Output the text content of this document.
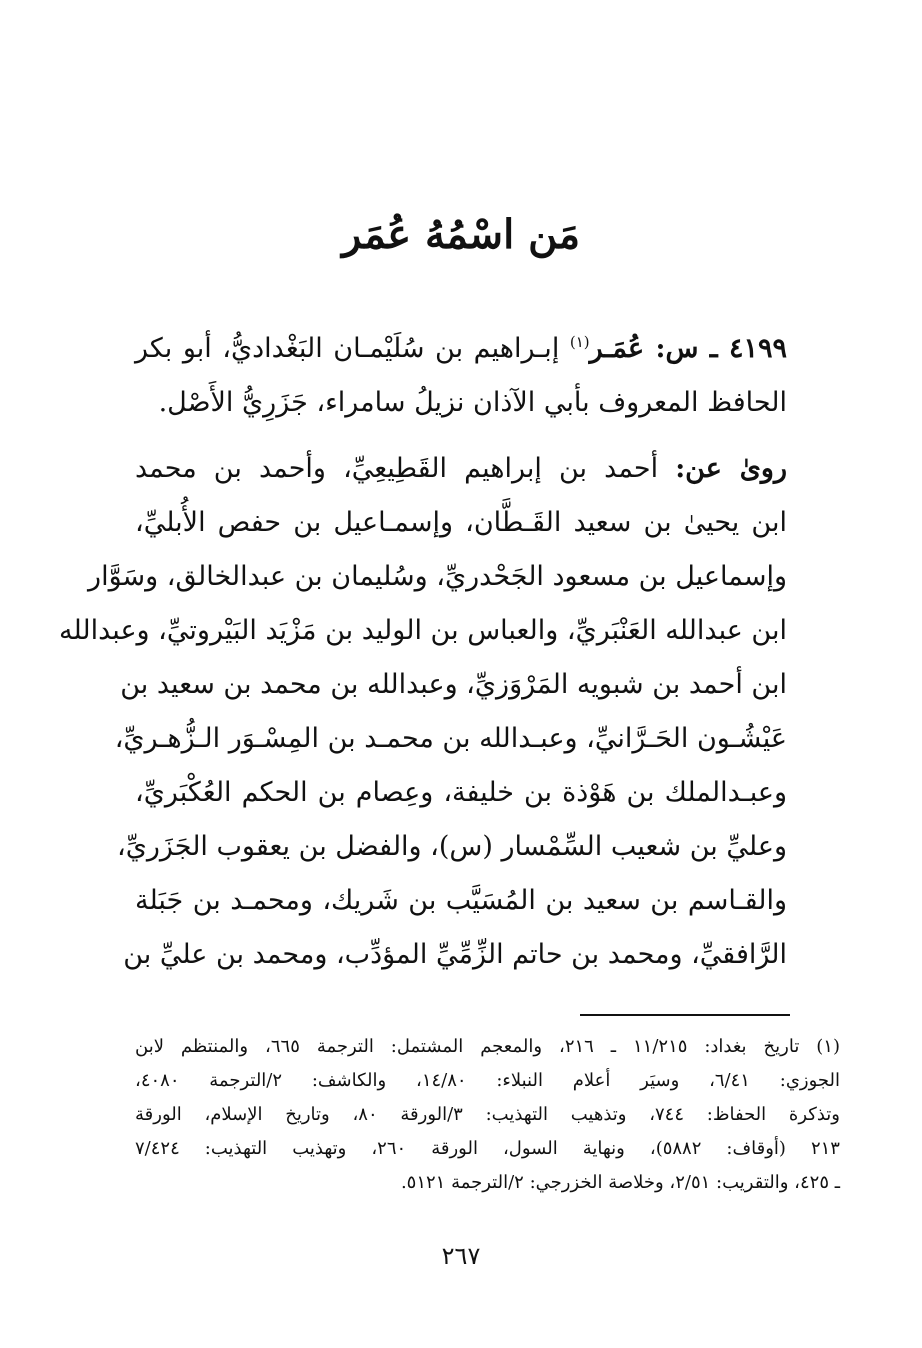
مَن اسْمُهُ عُمَر
٤١٩٩ ـ س: عُمَـر$^{(١)}$ إبـراهيم بن سُلَيْمـان البَغْداديُّ، أبو بكر
الحافظ المعروف بأبي الآذان نزيلُ سامراء، جَزَرِيُّ الأَصْل.
روىٰ عن: أحمد بن إبراهيم القَطِيعِيِّ، وأحمد بن محمد
ابن يحيىٰ بن سعيد القَـطَّان، وإسمـاعيل بن حفص الأُبليِّ،
وإسماعيل بن مسعود الجَحْدريِّ، وسُليمان بن عبدالخالق، وسَوَّار
ابن عبدالله العَنْبَريِّ، والعباس بن الوليد بن مَزْيَد البَيْروتيِّ، وعبدالله
ابن أحمد بن شبويه المَرْوَزيِّ، وعبدالله بن محمد بن سعيد بن
عَيْشُـون الحَـرَّانيِّ، وعبـدالله بن محمـد بن المِسْـوَر الـزُّهـريِّ،
وعبـدالملك بن هَوْذة بن خليفة، وعِصام بن الحكم العُكْبَريِّ،
وعليِّ بن شعيب السِّمْسار (س)، والفضل بن يعقوب الجَزَريِّ،
والقـاسم بن سعيد بن المُسَيَّب بن شَريك، ومحمـد بن جَبَلة
الرَّافقيِّ، ومحمد بن حاتم الزِّمِّيِّ المؤدِّب، ومحمد بن عليِّ بن
(١) تاريخ بغداد: ١١/٢١٥ ـ ٢١٦، والمعجم المشتمل: الترجمة ٦٦٥، والمنتظم لابن
الجوزي: ٦/٤١، وسيَر أعلام النبلاء: ١٤/٨٠، والكاشف: ٢/الترجمة ٤٠٨٠،
وتذكرة الحفاظ: ٧٤٤، وتذهيب التهذيب: ٣/الورقة ٨٠، وتاريخ الإسلام، الورقة
٢١٣ (أوقاف: ٥٨٨٢)، ونهاية السول، الورقة ٢٦٠، وتهذيب التهذيب: ٧/٤٢٤
ـ ٤٢٥، والتقريب: ٢/٥١، وخلاصة الخزرجي: ٢/الترجمة ٥١٢١.
٢٦٧
